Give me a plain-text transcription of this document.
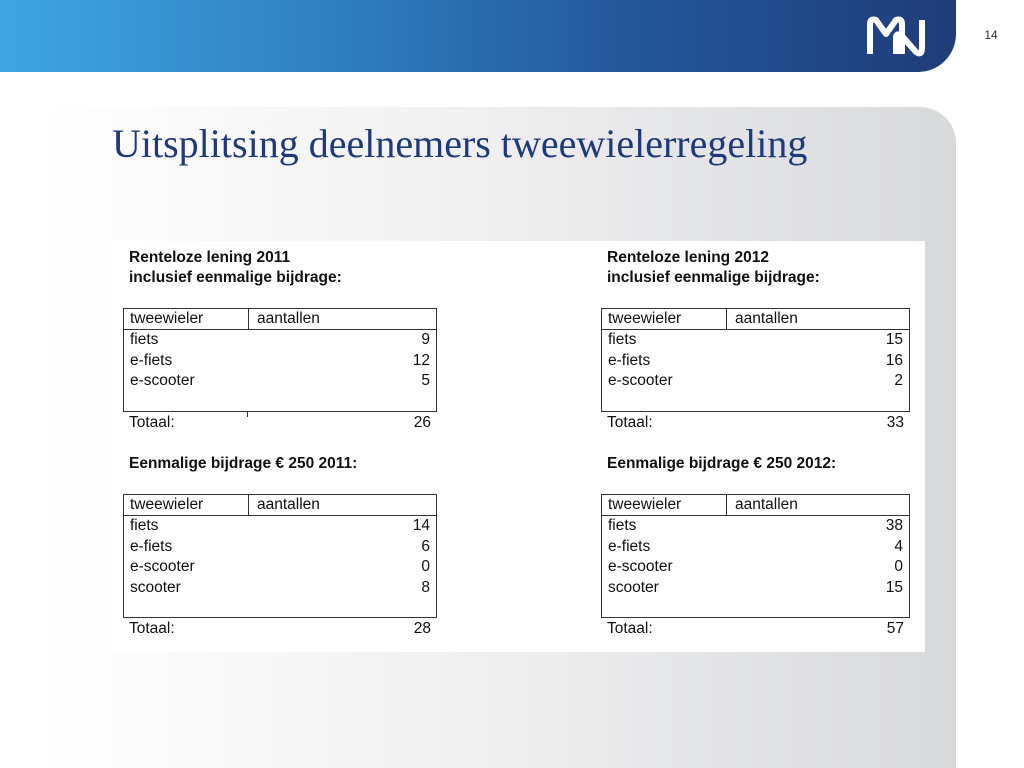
14
Uitsplitsing deelnemers tweewielerregeling
Renteloze lening 2011
inclusief eenmalige bijdrage:
tweewieler	aantallen
fiets	9
e-fiets	12
e-scooter	5
Totaal:	26
Renteloze lening 2012
inclusief eenmalige bijdrage:
tweewieler	aantallen
fiets	15
e-fiets	16
e-scooter	2
Totaal:	33
Eenmalige bijdrage € 250 2011:
tweewieler	aantallen
fiets	14
e-fiets	6
e-scooter	0
scooter	8
Totaal:	28
Eenmalige bijdrage € 250 2012:
tweewieler	aantallen
fiets	38
e-fiets	4
e-scooter	0
scooter	15
Totaal:	57
